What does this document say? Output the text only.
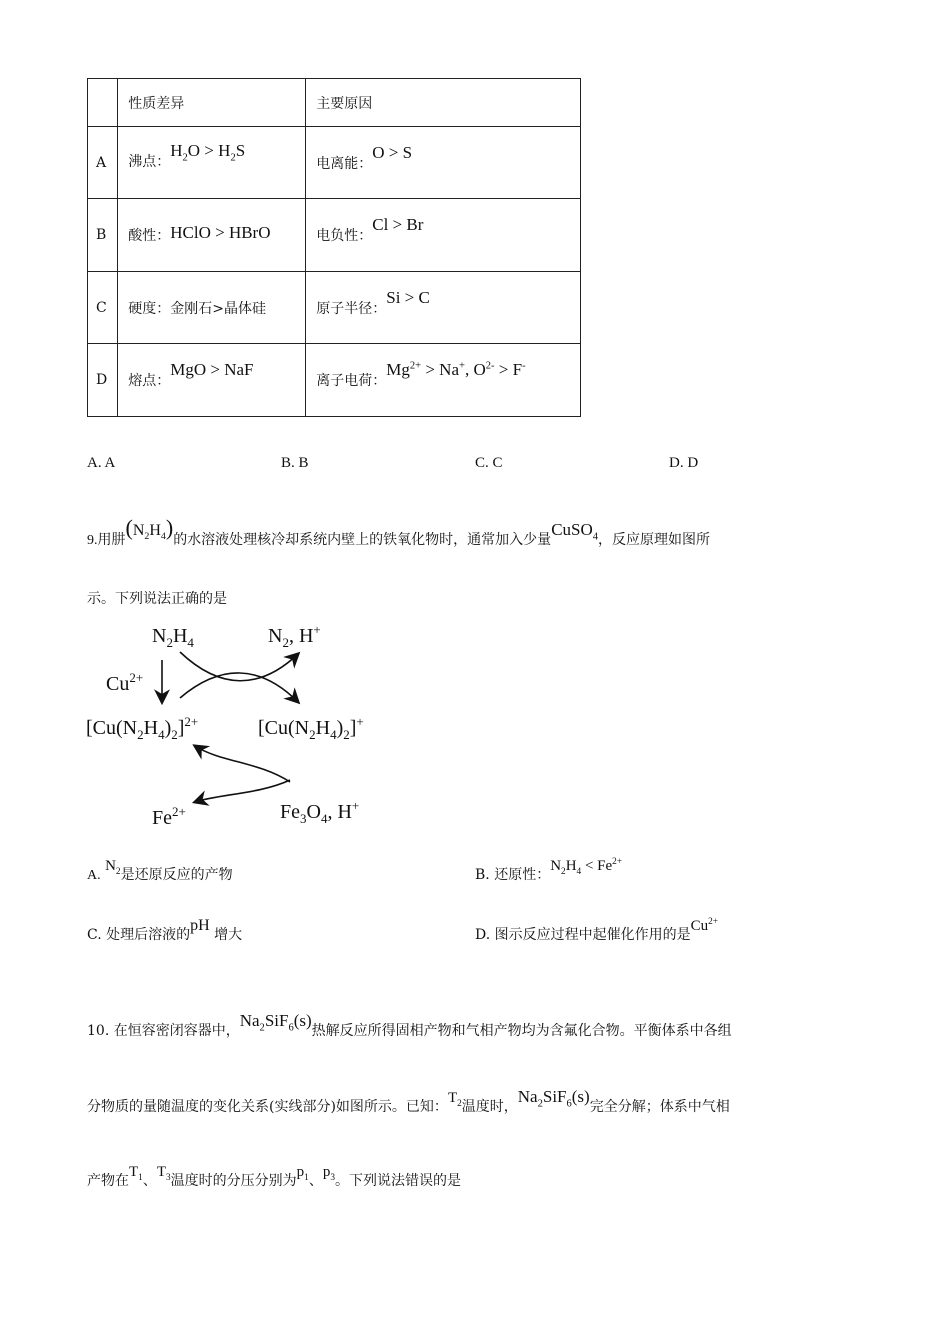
	性质差异	主要原因
A	沸点：$H_2O > H_2S$	电离能：O > S
B	酸性：HClO > HBrO	电负性：Cl > Br
C	硬度：金刚石>晶体硅	原子半径：Si > C
D	熔点：MgO > NaF	离子电荷：$Mg^{2+} > Na^+$, $O^{2-} > F^-$
A. A	B. B	C. C	D. D
9.用肼$(N_2H_4)$的水溶液处理核冷却系统内壁上的铁氧化物时，通常加入少量CuSO$_4$，反应原理如图所
示。下列说法正确的是
$N_2H_4$	$N_2$, H+
$Cu^{2+}$
$[Cu(N_2H_4)_2]^{2+}$	$[Cu(N_2H_4)_2]^+$
$Fe^{2+}$	$Fe_3O_4$, H+
A. $N_2$是还原反应的产物	B. 还原性：$N_2H_4 < Fe^{2+}$
C. 处理后溶液的pH 增大	D. 图示反应过程中起催化作用的是$Cu^{2+}$
10. 在恒容密闭容器中，$Na_2SiF_6(s)$热解反应所得固相产物和气相产物均为含氟化合物。平衡体系中各组
分物质的量随温度的变化关系(实线部分)如图所示。已知：$T_2$温度时，$Na_2SiF_6(s)$完全分解；体系中气相
产物在$T_1$、$T_3$温度时的分压分别为$p_1$、$p_3$。下列说法错误的是
